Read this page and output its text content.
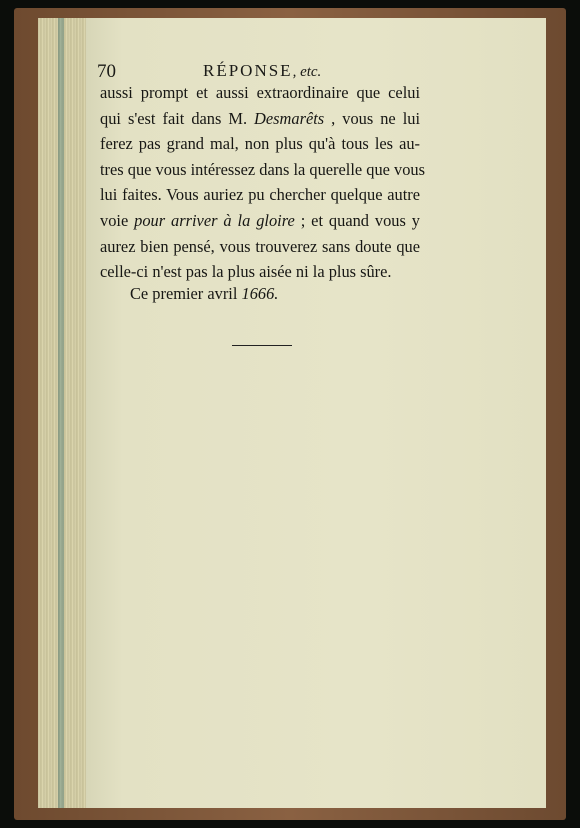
70	RÉPONSE, etc.
aussi prompt et aussi extraordinaire que celui
qui s'est fait dans M. Desmarêts , vous ne lui
ferez pas grand mal, non plus qu'à tous les au-
tres que vous intéressez dans la querelle que vous
lui faites. Vous auriez pu chercher quelque autre
voie pour arriver à la gloire ; et quand vous y
aurez bien pensé, vous trouverez sans doute que
celle-ci n'est pas la plus aisée ni la plus sûre.
Ce premier avril 1666.
